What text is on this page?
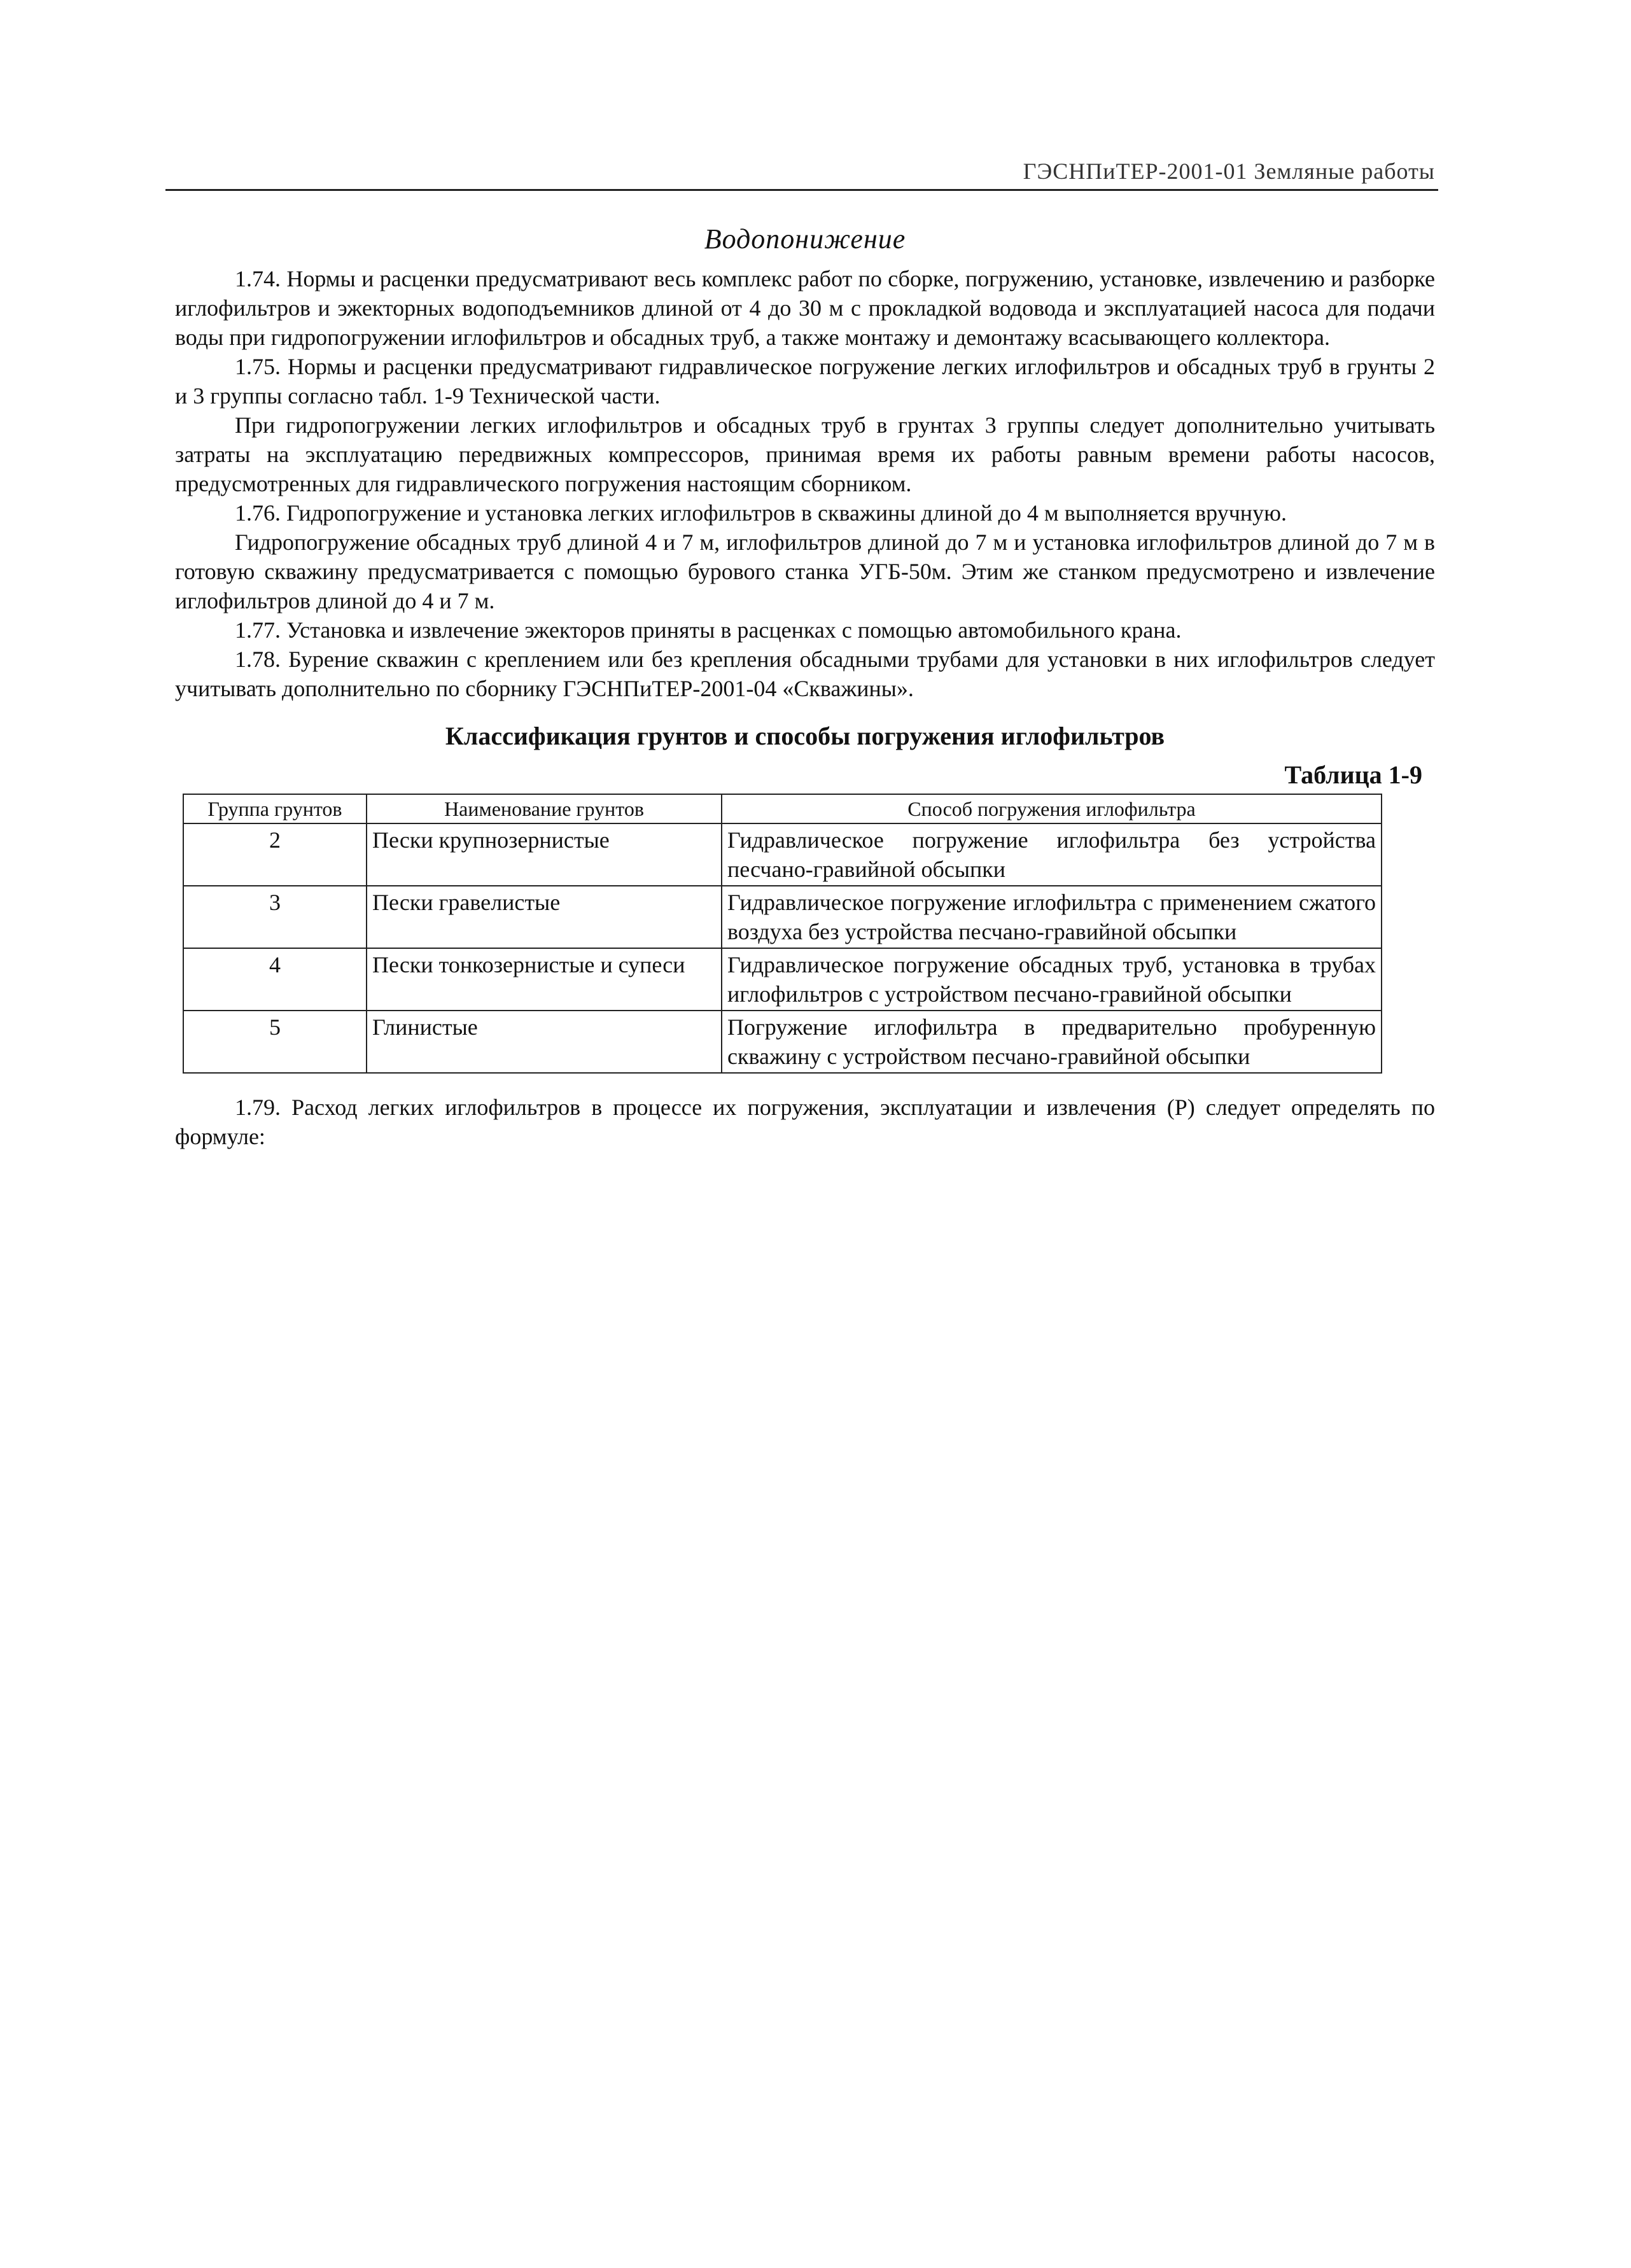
ГЭСНПиТЕР-2001-01 Земляные работы
Водопонижение

1.74. Нормы и расценки предусматривают весь комплекс работ по сборке, погружению, установке, извлечению и разборке иглофильтров и эжекторных водоподъемников длиной от 4 до 30 м с прокладкой водовода и эксплуатацией насоса для подачи воды при гидропогружении иглофильтров и обсадных труб, а также монтажу и демонтажу всасывающего коллектора.

1.75. Нормы и расценки предусматривают гидравлическое погружение легких иглофильтров и обсадных труб в грунты 2 и 3 группы согласно табл. 1-9 Технической части.

При гидропогружении легких иглофильтров и обсадных труб в грунтах 3 группы следует дополнительно учитывать затраты на эксплуатацию передвижных компрессоров, принимая время их работы равным времени работы насосов, предусмотренных для гидравлического погружения настоящим сборником.

1.76. Гидропогружение и установка легких иглофильтров в скважины длиной до 4 м выполняется вручную.

Гидропогружение обсадных труб длиной 4 и 7 м, иглофильтров длиной до 7 м и установка иглофильтров длиной до 7 м в готовую скважину предусматривается с помощью бурового станка УГБ-50м. Этим же станком предусмотрено и извлечение иглофильтров длиной до 4 и 7 м.

1.77. Установка и извлечение эжекторов приняты в расценках с помощью автомобильного крана.

1.78. Бурение скважин с креплением или без крепления обсадными трубами для установки в них иглофильтров следует учитывать дополнительно по сборнику ГЭСНПиТЕР-2001-04 «Скважины».

Классификация грунтов и способы погружения иглофильтров
Таблица 1-9
Группа грунтов	Наименование грунтов	Способ погружения иглофильтра
2	Пески крупнозернистые	Гидравлическое погружение иглофильтра без устройства песчано-гравийной обсыпки
3	Пески гравелистые	Гидравлическое погружение иглофильтра с применением сжатого воздуха без устройства песчано-гравийной обсыпки
4	Пески тонкозернистые и супеси	Гидравлическое погружение обсадных труб, установка в трубах иглофильтров с устройством песчано-гравийной обсыпки
5	Глинистые	Погружение иглофильтра в предварительно пробуренную скважину с устройством песчано-гравийной обсыпки

1.79. Расход легких иглофильтров в процессе их погружения, эксплуатации и извлечения (Р) следует определять по формуле:
